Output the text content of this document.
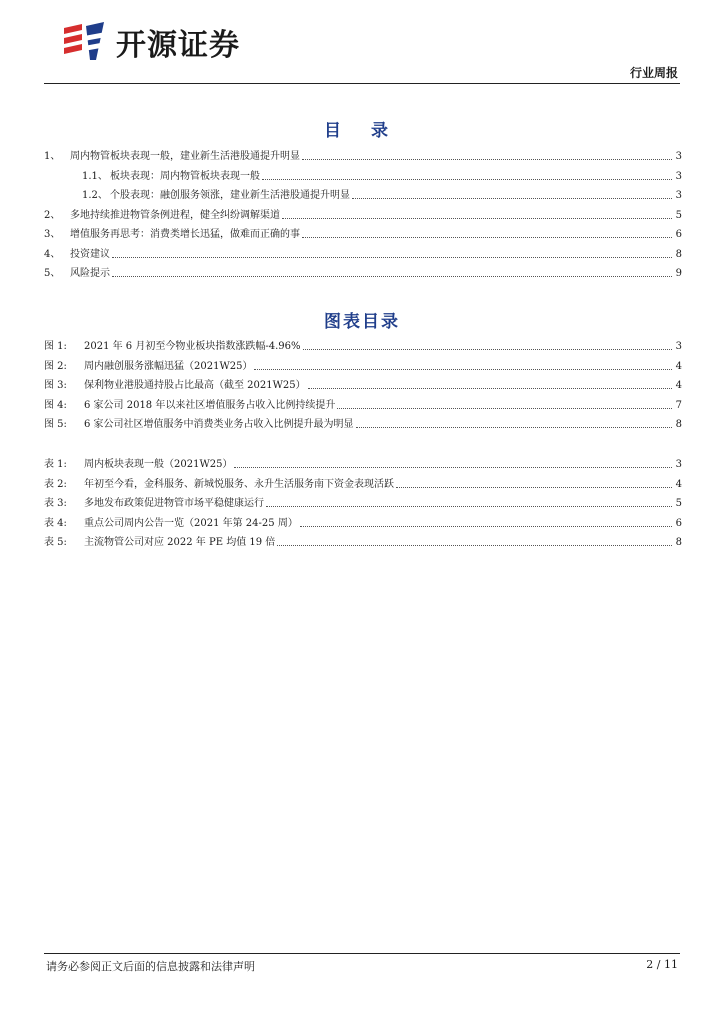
开源证券
行业周报
目 录
1、 周内物管板块表现一般，建业新生活港股通提升明显	3
1.1、 板块表现：周内物管板块表现一般	3
1.2、 个股表现：融创服务领涨，建业新生活港股通提升明显	3
2、 多地持续推进物管条例进程，健全纠纷调解渠道	5
3、 增值服务再思考：消费类增长迅猛，做难而正确的事	6
4、 投资建议	8
5、 风险提示	9
图表目录
图 1:	2021 年 6 月初至今物业板块指数涨跌幅-4.96%	3
图 2:	周内融创服务涨幅迅猛（2021W25）	4
图 3:	保利物业港股通持股占比最高（截至 2021W25）	4
图 4:	6 家公司 2018 年以来社区增值服务占收入比例持续提升	7
图 5:	6 家公司社区增值服务中消费类业务占收入比例提升最为明显	8
表 1:	周内板块表现一般（2021W25）	3
表 2:	年初至今看，金科服务、新城悦服务、永升生活服务南下资金表现活跃	4
表 3:	多地发布政策促进物管市场平稳健康运行	5
表 4:	重点公司周内公告一览（2021 年第 24-25 周）	6
表 5:	主流物管公司对应 2022 年 PE 均值 19 倍	8
请务必参阅正文后面的信息披露和法律声明	2 / 11
